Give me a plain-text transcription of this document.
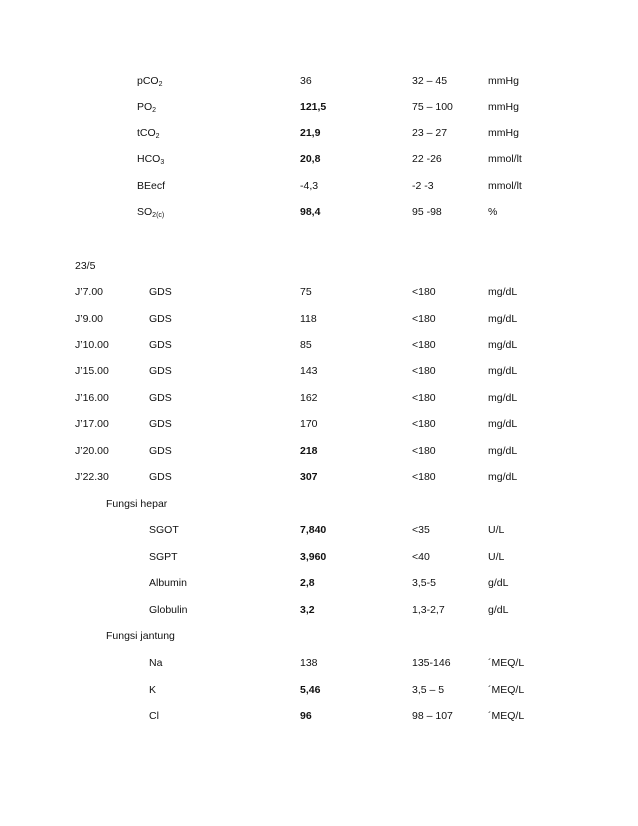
pCO$_2$	36	32 – 45	mmHg
$PO_2$	121,5	75 – 100	mmHg
tCO$_2$	21,9	23 – 27	mmHg
$HCO_3$	20,8	22 -26	mmol/lt
BEecf	-4,3	-2 -3	mmol/lt
$SO_{2(c)}$	98,4	95 -98	%
23/5
J’7.00	GDS	75	<180	mg/dL
J’9.00	GDS	118	<180	mg/dL
J’10.00	GDS	85	<180	mg/dL
J’15.00	GDS	143	<180	mg/dL
J’16.00	GDS	162	<180	mg/dL
J’17.00	GDS	170	<180	mg/dL
J’20.00	GDS	218	<180	mg/dL
J’22.30	GDS	307	<180	mg/dL
Fungsi hepar
SGOT	7,840	<35	U/L
SGPT	3,960	<40	U/L
Albumin	2,8	3,5-5	g/dL
Globulin	3,2	1,3-2,7	g/dL
Fungsi jantung
Na	138	135-146	´MEQ/L
K	5,46	3,5 – 5	´MEQ/L
Cl	96	98 – 107	´MEQ/L
